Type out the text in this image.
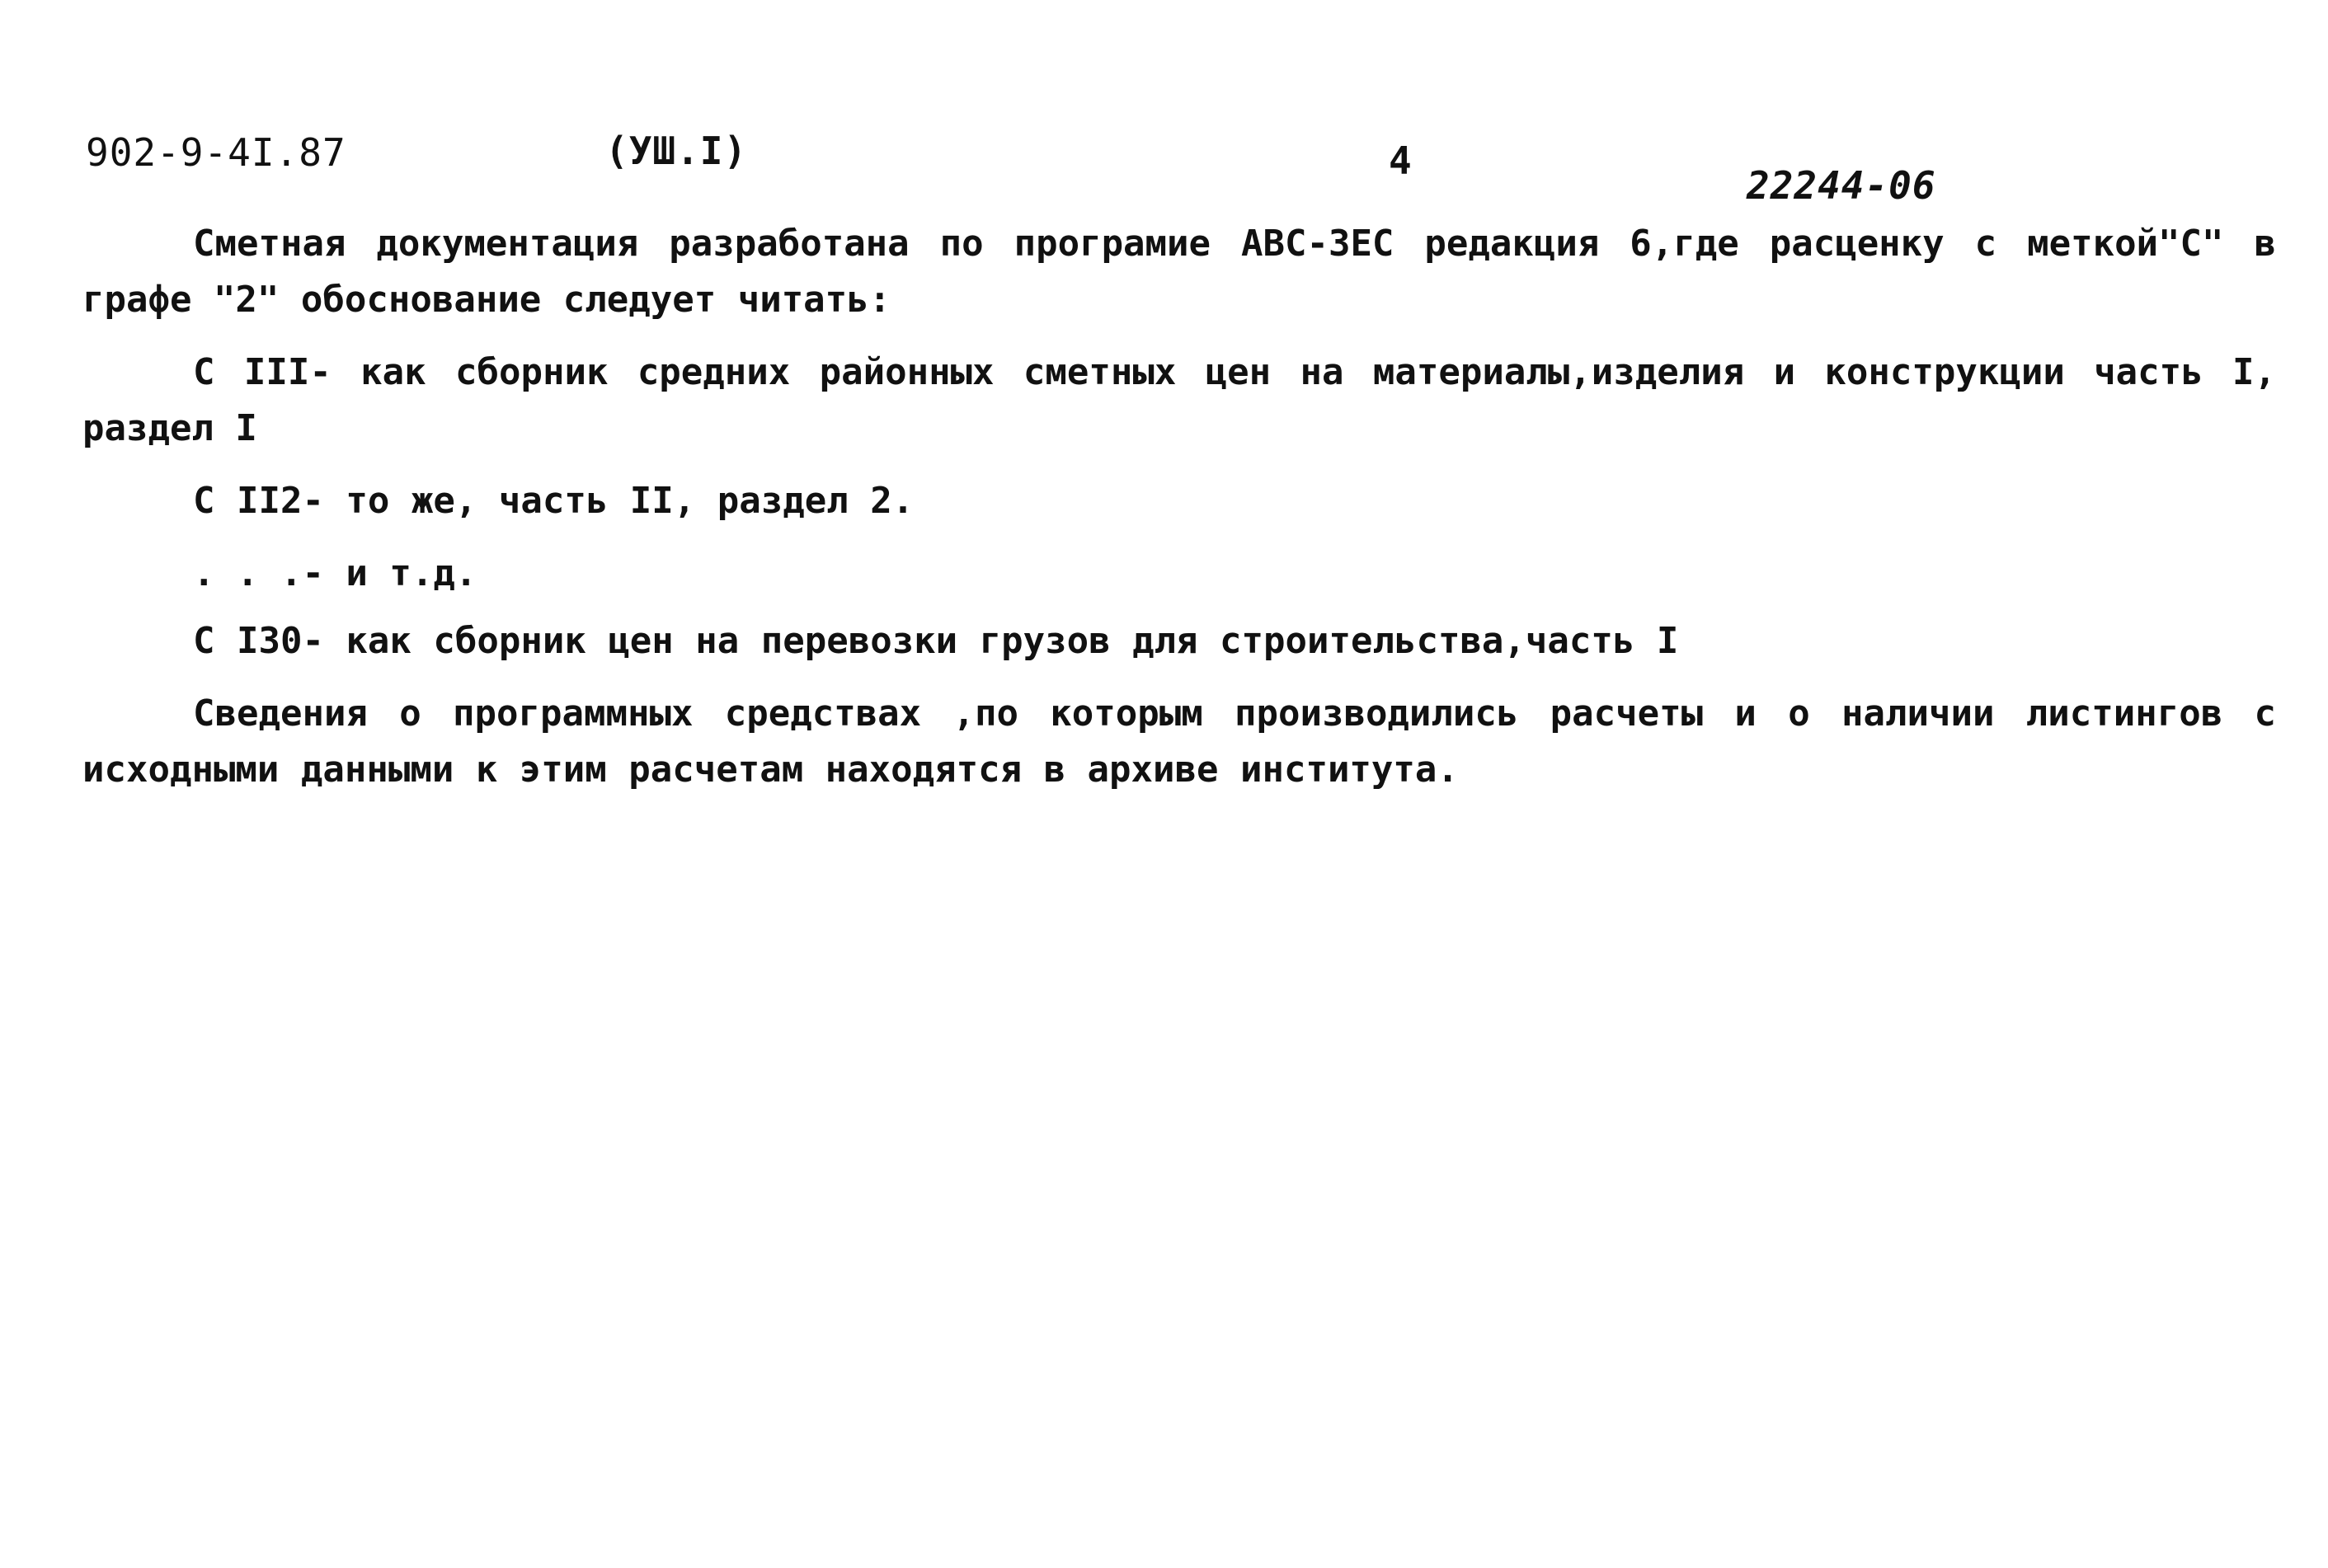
902-9-4I.87	(УШ.I)	4
22244-06

Сметная документация разработана по програмие АВС-3ЕС редакция 6,где расценку с меткой"С" в графе "2" обоснование следует читать:

С III- как сборник средних районных сметных цен на материалы,изделия и конструкции часть I, раздел I

С II2- то же, часть II, раздел 2.

. . .- и т.д.

С I30- как сборник цен на перевозки грузов для строительства,часть I

Сведения о программных средствах ,по которым производились расчеты и о наличии листингов с исходными данными к этим расчетам находятся в архиве института.
